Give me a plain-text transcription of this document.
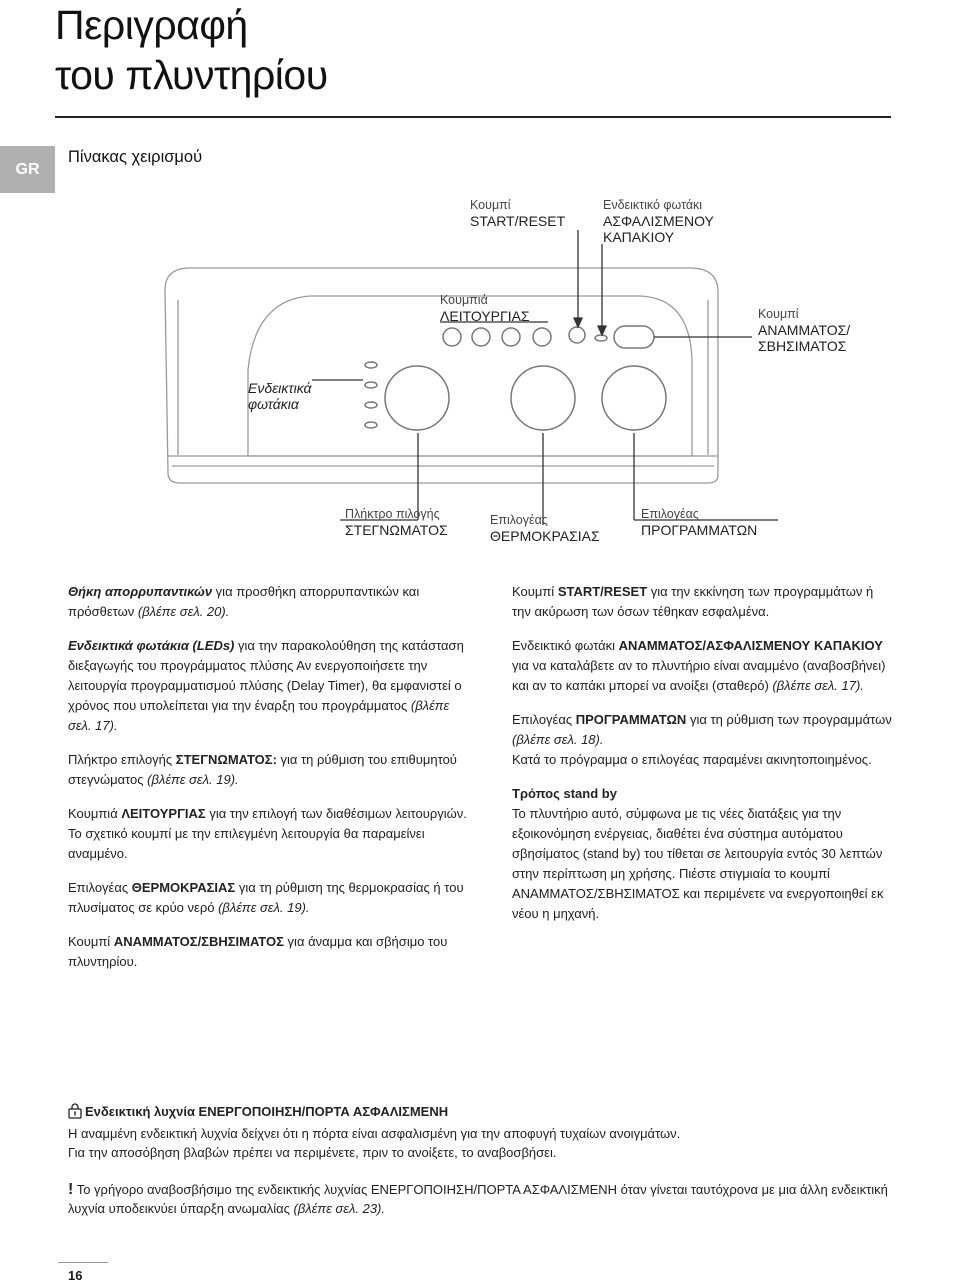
Περιγραφή
του πλυντηρίου
GR
Πίνακας χειρισμού
Κουμπί
START/RESET
Ενδεικτικό φωτάκι
ΑΣΦΑΛΙΣΜΕΝΟΥ
ΚΑΠΑΚΙΟΥ
Κουμπιά
ΛΕΙΤΟΥΡΓΙΑΣ	Κουμπί
ΑΝΑΜΜΑΤΟΣ/
ΣΒΗΣΙΜΑΤΟΣ
Ενδεικτικά
φωτάκια
Πλήκτρο πιλογής
ΣΤΕΓΝΩΜΑΤΟΣ
Επιλογέας
ΘΕΡΜΟΚΡΑΣΙΑΣ
Επιλογέας
ΠΡΟΓΡΑΜΜΑΤΩΝ

Θήκη απορρυπαντικών για προσθήκη απορρυπαντικών και πρόσθετων (βλέπε σελ. 20).

Ενδεικτικά φωτάκια (LEDs) για την παρακολούθηση της κατάσταση διεξαγωγής του προγράμματος πλύσης Αν ενεργοποιήσετε την λειτουργία προγραμματισμού πλύσης (Delay Timer), θα εμφανιστεί ο χρόνος που υπολείπεται για την έναρξη του προγράμματος (βλέπε σελ. 17).

Πλήκτρο επιλογής ΣΤΕΓΝΩΜΑΤΟΣ: για τη ρύθμιση του επιθυμητού στεγνώματος (βλέπε σελ. 19).

Κουμπιά ΛΕΙΤΟΥΡΓΙΑΣ για την επιλογή των διαθέσιμων λειτουργιών. Το σχετικό κουμπί με την επιλεγμένη λειτουργία θα παραμείνει αναμμένο.

Επιλογέας ΘΕΡΜΟΚΡΑΣΙΑΣ για τη ρύθμιση της θερμοκρασίας ή του πλυσίματος σε κρύο νερό (βλέπε σελ. 19).

Κουμπί ΑΝΑΜΜΑΤΟΣ/ΣΒΗΣΙΜΑΤΟΣ για άναμμα και σβήσιμο του πλυντηρίου.

Κουμπί START/RESET για την εκκίνηση των προγραμμάτων ή την ακύρωση των όσων τέθηκαν εσφαλμένα.

Ενδεικτικό φωτάκι ΑΝΑΜΜΑΤΟΣ/ΑΣΦΑΛΙΣΜΕΝΟΥ ΚΑΠΑΚΙΟΥ για να καταλάβετε αν το πλυντήριο είναι αναμμένο (αναβοσβήνει) και αν το καπάκι μπορεί να ανοίξει (σταθερό) (βλέπε σελ. 17).

Επιλογέας ΠΡΟΓΡΑΜΜΑΤΩΝ για τη ρύθμιση των προγραμμάτων (βλέπε σελ. 18).
Κατά το πρόγραμμα ο επιλογέας παραμένει ακινητοποιημένος.

Τρόπος stand by
Το πλυντήριο αυτό, σύμφωνα με τις νέες διατάξεις για την εξοικονόμηση ενέργειας, διαθέτει ένα σύστημα αυτόματου σβησίματος (stand by) του τίθεται σε λειτουργία εντός 30 λεπτών στην περίπτωση μη χρήσης. Πιέστε στιγμιαία το κουμπί ΑΝΑΜΜΑΤΟΣ/ΣΒΗΣΙΜΑΤΟΣ και περιμένετε να ενεργοποιηθεί εκ νέου η μηχανή.

Ενδεικτική λυχνία ΕΝΕΡΓΟΠΟΙΗΣΗ/ΠΟΡΤΑ ΑΣΦΑΛΙΣΜΕΝΗ
Η αναμμένη ενδεικτική λυχνία δείχνει ότι η πόρτα είναι ασφαλισμένη για την αποφυγή τυχαίων ανοιγμάτων.
Για την αποσόβηση βλαβών πρέπει να περιμένετε, πριν το ανοίξετε, το αναβοσβήσει.
! Το γρήγορο αναβοσβήσιμο της ενδεικτικής λυχνίας ΕΝΕΡΓΟΠΟΙΗΣΗ/ΠΟΡΤΑ ΑΣΦΑΛΙΣΜΕΝΗ όταν γίνεται ταυτόχρονα με μια άλλη ενδεικτική λυχνία υποδεικνύει ύπαρξη ανωμαλίας (βλέπε σελ. 23).
16
